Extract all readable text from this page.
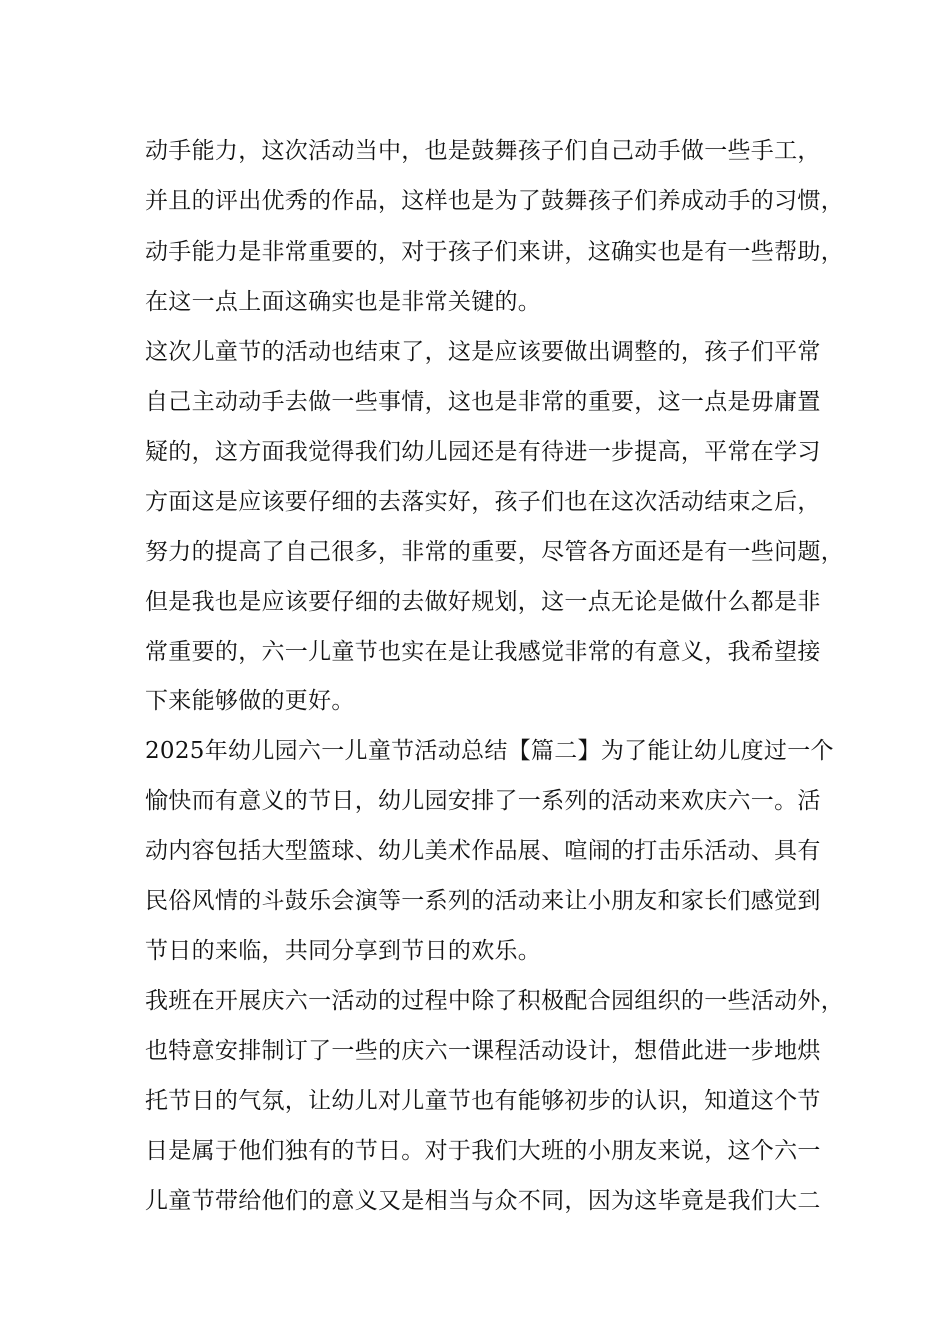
动手能力，这次活动当中，也是鼓舞孩子们自己动手做一些手工，

并且的评出优秀的作品，这样也是为了鼓舞孩子们养成动手的习惯，

动手能力是非常重要的，对于孩子们来讲，这确实也是有一些帮助，

在这一点上面这确实也是非常关键的。

这次儿童节的活动也结束了，这是应该要做出调整的，孩子们平常

自己主动动手去做一些事情，这也是非常的重要，这一点是毋庸置

疑的，这方面我觉得我们幼儿园还是有待进一步提高，平常在学习

方面这是应该要仔细的去落实好，孩子们也在这次活动结束之后，

努力的提高了自己很多，非常的重要，尽管各方面还是有一些问题，

但是我也是应该要仔细的去做好规划，这一点无论是做什么都是非

常重要的，六一儿童节也实在是让我感觉非常的有意义，我希望接

下来能够做的更好。

2025年幼儿园六一儿童节活动总结【篇二】为了能让幼儿度过一个

愉快而有意义的节日，幼儿园安排了一系列的活动来欢庆六一。活

动内容包括大型篮球、幼儿美术作品展、喧闹的打击乐活动、具有

民俗风情的斗鼓乐会演等一系列的活动来让小朋友和家长们感觉到

节日的来临，共同分享到节日的欢乐。

我班在开展庆六一活动的过程中除了积极配合园组织的一些活动外，

也特意安排制订了一些的庆六一课程活动设计，想借此进一步地烘

托节日的气氛，让幼儿对儿童节也有能够初步的认识，知道这个节

日是属于他们独有的节日。对于我们大班的小朋友来说，这个六一

儿童节带给他们的意义又是相当与众不同，因为这毕竟是我们大二
